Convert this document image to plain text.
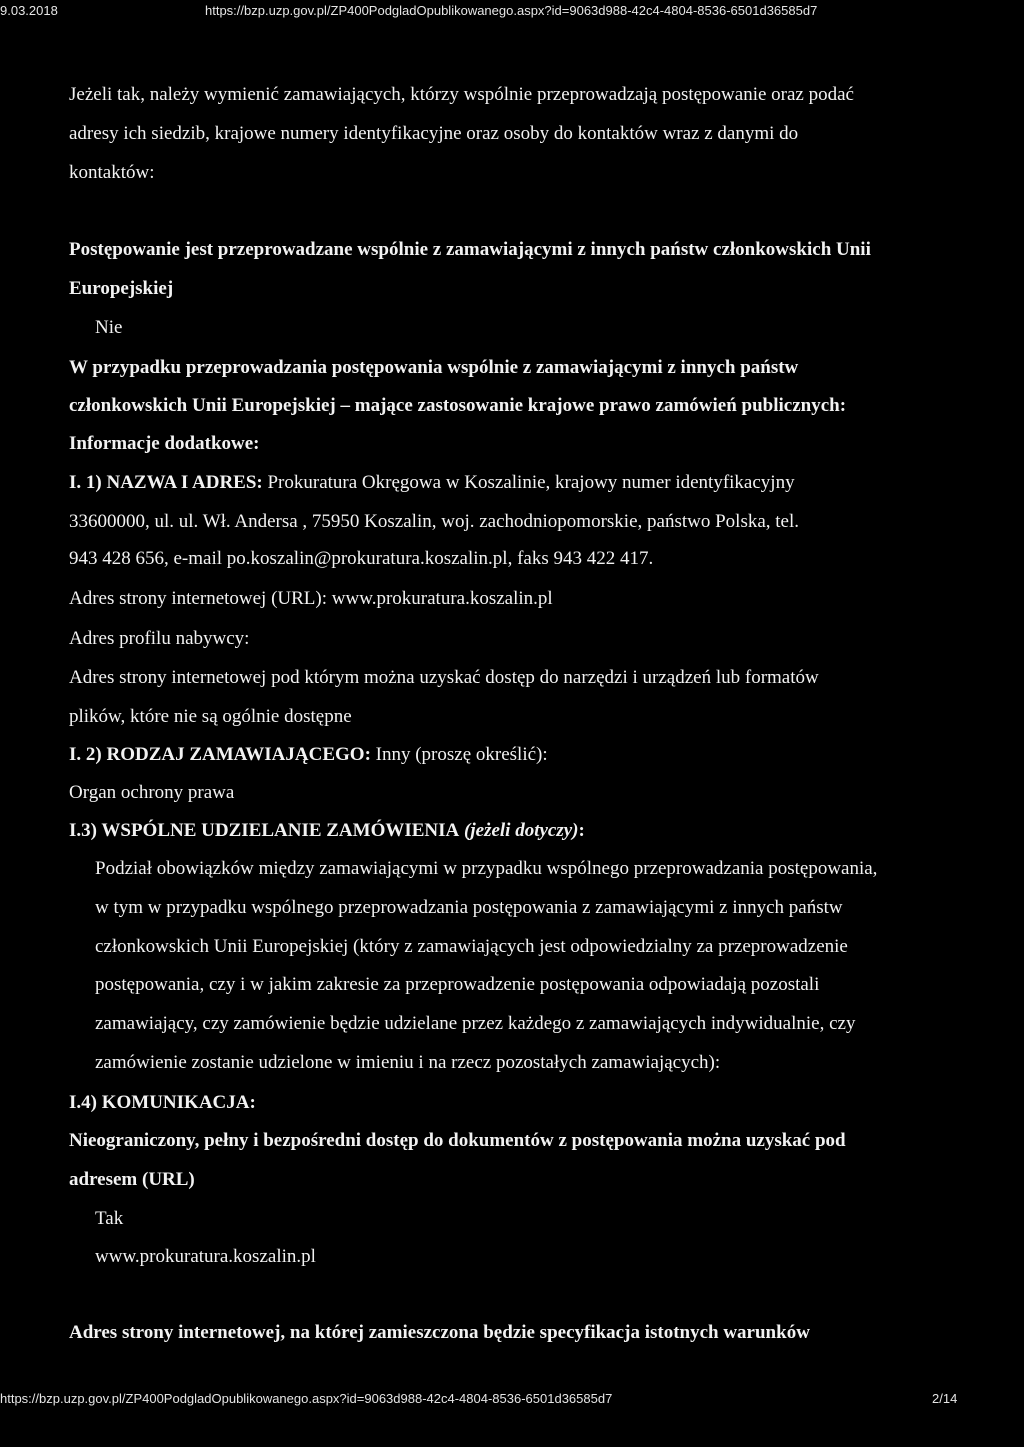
9.03.2018	https://bzp.uzp.gov.pl/ZP400PodgladOpublikowanego.aspx?id=9063d988-42c4-4804-8536-6501d36585d7
Jeżeli tak, należy wymienić zamawiających, którzy wspólnie przeprowadzają postępowanie oraz podać
adresy ich siedzib, krajowe numery identyfikacyjne oraz osoby do kontaktów wraz z danymi do
kontaktów:
Postępowanie jest przeprowadzane wspólnie z zamawiającymi z innych państw członkowskich Unii
Europejskiej
Nie
W przypadku przeprowadzania postępowania wspólnie z zamawiającymi z innych państw
członkowskich Unii Europejskiej – mające zastosowanie krajowe prawo zamówień publicznych:
Informacje dodatkowe:
I. 1) NAZWA I ADRES: Prokuratura Okręgowa w Koszalinie, krajowy numer identyfikacyjny
33600000, ul. ul. Wł. Andersa , 75950 Koszalin, woj. zachodniopomorskie, państwo Polska, tel.
943 428 656, e-mail po.koszalin@prokuratura.koszalin.pl, faks 943 422 417.
Adres strony internetowej (URL): www.prokuratura.koszalin.pl
Adres profilu nabywcy:
Adres strony internetowej pod którym można uzyskać dostęp do narzędzi i urządzeń lub formatów
plików, które nie są ogólnie dostępne
I. 2) RODZAJ ZAMAWIAJĄCEGO: Inny (proszę określić):
Organ ochrony prawa
I.3) WSPÓLNE UDZIELANIE ZAMÓWIENIA (jeżeli dotyczy):
Podział obowiązków między zamawiającymi w przypadku wspólnego przeprowadzania postępowania,
w tym w przypadku wspólnego przeprowadzania postępowania z zamawiającymi z innych państw
członkowskich Unii Europejskiej (który z zamawiających jest odpowiedzialny za przeprowadzenie
postępowania, czy i w jakim zakresie za przeprowadzenie postępowania odpowiadają pozostali
zamawiający, czy zamówienie będzie udzielane przez każdego z zamawiających indywidualnie, czy
zamówienie zostanie udzielone w imieniu i na rzecz pozostałych zamawiających):
I.4) KOMUNIKACJA:
Nieograniczony, pełny i bezpośredni dostęp do dokumentów z postępowania można uzyskać pod
adresem (URL)
Tak
www.prokuratura.koszalin.pl
Adres strony internetowej, na której zamieszczona będzie specyfikacja istotnych warunków
https://bzp.uzp.gov.pl/ZP400PodgladOpublikowanego.aspx?id=9063d988-42c4-4804-8536-6501d36585d7	2/14
